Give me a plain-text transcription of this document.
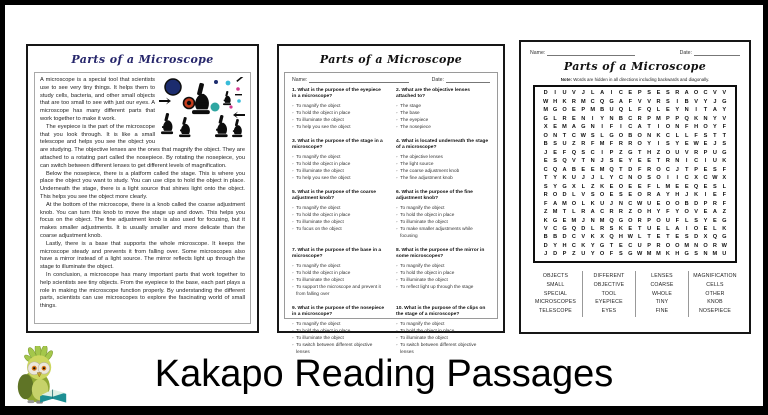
Parts of a Microscope

A microscope is a special tool that scientists use to see very tiny things. It helps them to study cells, bacteria, and other small objects that are too small to see with just our eyes. A microscope has many different parts that work together to make it work.

The eyepiece is the part of the microscope that you look through. It is like a small telescope and helps you see the object you are studying. The objective lenses are the ones that magnify the object. They are attached to a rotating part called the nosepiece. By rotating the nosepiece, you can switch between different lenses to get different levels of magnification.

Below the nosepiece, there is a platform called the stage. This is where you place the object you want to study. You can use clips to hold the object in place. Underneath the stage, there is a light source that shines light onto the object. This helps you see the object more clearly.

At the bottom of the microscope, there is a knob called the coarse adjustment knob. You can turn this knob to move the stage up and down. This helps you focus on the object. The fine adjustment knob is also used for focusing, but it makes smaller adjustments. It is usually smaller and more delicate than the coarse adjustment knob.

Lastly, there is a base that supports the whole microscope. It keeps the microscope steady and prevents it from falling over. Some microscopes also have a mirror instead of a light source. The mirror reflects light up through the stage to illuminate the object.

In conclusion, a microscope has many important parts that work together to help scientists see tiny objects. From the eyepiece to the base, each part plays a role in making the microscope function properly. By understanding the different parts, scientists can use microscopes to explore the fascinating world of small things.

Parts of a Microscope
Name:	Date:
1. What is the purpose of the eyepiece in a microscope?
◦ To magnify the object
◦ To hold the object in place
◦ To illuminate the object
◦ To help you see the object
2. What are the objective lenses attached to?
◦ The stage
◦ The base
◦ The eyepiece
◦ The nosepiece
3. What is the purpose of the stage in a microscope?
◦ To magnify the object
◦ To hold the object in place
◦ To illuminate the object
◦ To help you see the object
4. What is located underneath the stage of a microscope?
◦ The objective lenses
◦ The light source
◦ The coarse adjustment knob
◦ The fine adjustment knob
5. What is the purpose of the coarse adjustment knob?
◦ To magnify the object
◦ To hold the object in place
◦ To illuminate the object
◦ To focus on the object
6. What is the purpose of the fine adjustment knob?
◦ To magnify the object
◦ To hold the object in place
◦ To illuminate the object
◦ To make smaller adjustments while focusing
7. What is the purpose of the base in a microscope?
◦ To magnify the object
◦ To hold the object in place
◦ To illuminate the object
◦ To support the microscope and prevent it from falling over
8. What is the purpose of the mirror in some microscopes?
◦ To magnify the object
◦ To hold the object in place
◦ To illuminate the object
◦ To reflect light up through the stage
9. What is the purpose of the nosepiece in a microscope?
◦ To magnify the object
◦ To hold the object in place
◦ To illuminate the object
◦ To switch between different objective lenses
10. What is the purpose of the clips on the stage of a microscope?
◦ To magnify the object
◦ To hold the object in place
◦ To illuminate the object
◦ To switch between different objective lenses
Name:	Date:
Parts of a Microscope
Note: Words are hidden in all directions including backwards and diagonally.
D	I	U V	J	L	A	I	C E	P	S	E	S R A O C V	V
W H K R M C Q G A	F	V	V R S	I	B V	Y	J	G
M G O E	P M B U Q L	F Q L	E	Y N	I	T	A Y
G L	R E N	I	Y N B C R P M P	P Q K N Y	V
X	E M A G N	I	F	I	C A	T	I	O N	F	H O Y	F
O N	T	C W S	L G O B O N K C	L	L	F	S	T	T
B S U	Z	R	F M F	R R O Y	I	S	Y	E W E	J	S
J	E	F Q S C	I	P	Z G T	H	Z O U V R P U G
E	S Q V	T	N	J	S	E	Y	E	E	T	R N	I	C	I	U K
C Q A B E	E M Q T	D	F	R O C	J	T	P	E	S	F
T	Y K U	J	J	L	Y C N O S O	I	I	C X C W X
S	Y G X	L	Z	K E O E	E	F	L M E	E Q E	S	L
R O D	L	V	S O E	S	E O R A Y H	J	K	I	E	F
F	A M O L	K U	J	N C W U E O O B D P R	F
Z M T	L	R A C R R	Z O H Y	F	Y O V	E A	Z
K G E M J	N M Q G O R P O U	F	L	S	Y	E G
V C G Q D	L	R S K E	T	U E	L	A	I	O E	L	K
B B D C V K X Q H W L	T	E	T	E	S D X Q G
D Y H C K Y G T	E C U P R O O M N O R W
J	D P	Z	U Y O F	S G W M M K H G S N M U
OBJECTS
SMALL
SPECIAL
MICROSCOPES
TELESCOPE
DIFFERENT
OBJECTIVE
TOOL
EYEPIECE
EYES
LENSES
COARSE
WHOLE
TINY
FINE
MAGNIFICATION
CELLS
OTHER
KNOB
NOSEPIECE
Kakapo Reading Passages
